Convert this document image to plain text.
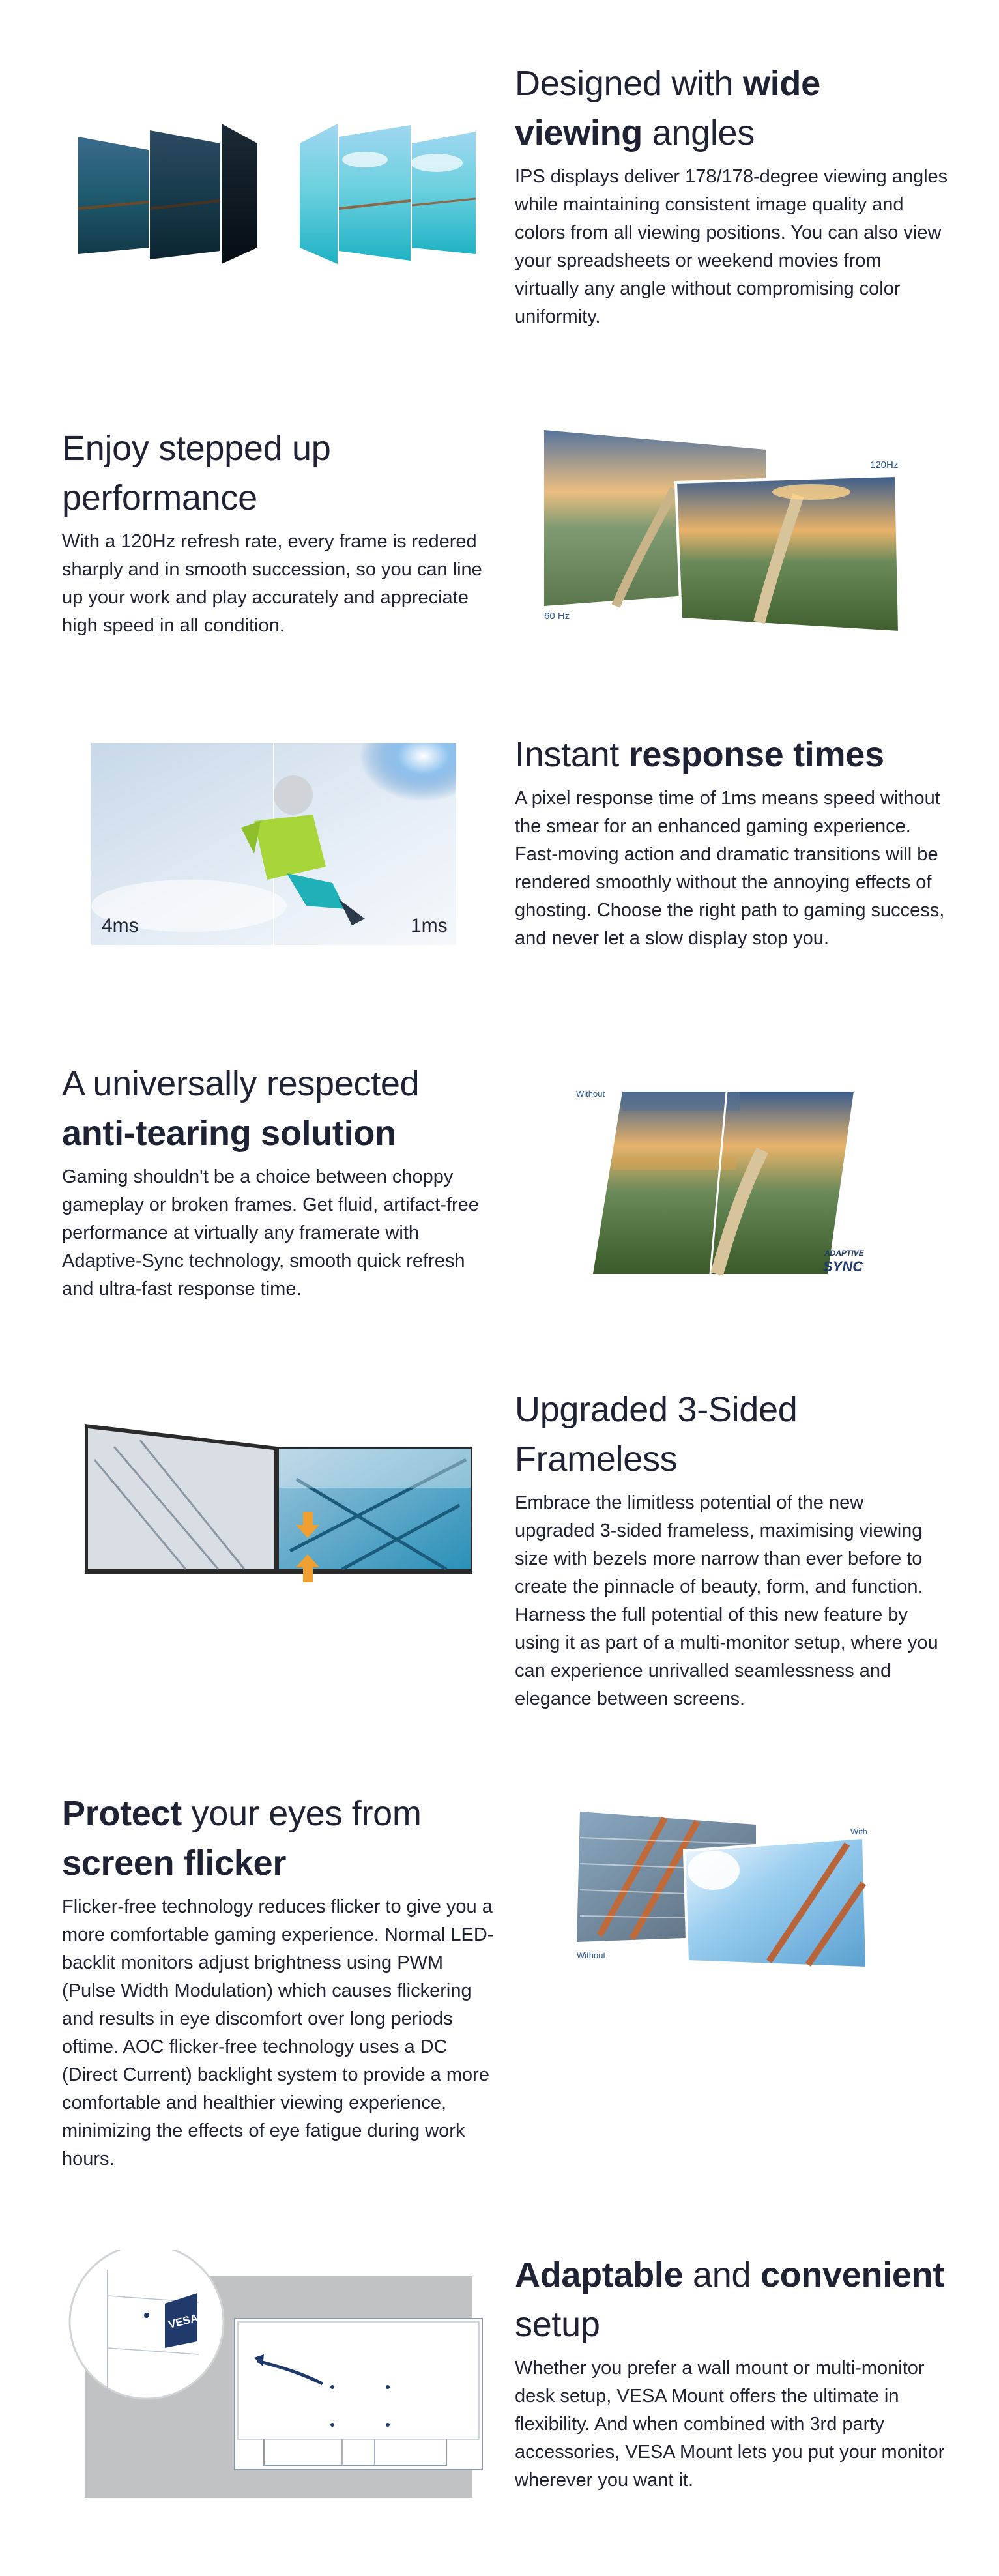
Designed with wide viewing angles

IPS displays deliver 178/178-degree viewing angles while maintaining consistent image quality and colors from all viewing positions. You can also view your spreadsheets or weekend movies from virtually any angle without compromising color uniformity.

Enjoy stepped up performance

With a 120Hz refresh rate, every frame is redered sharply and in smooth succession, so you can line up your work and play accurately and appreciate high speed in all condition.

120Hz
60 Hz
4ms	1ms
Instant response times

A pixel response time of 1ms means speed without the smear for an enhanced gaming experience. Fast-moving action and dramatic transitions will be rendered smoothly without the annoying effects of ghosting. Choose the right path to gaming success, and never let a slow display stop you.

A universally respected anti-tearing solution

Gaming shouldn't be a choice between choppy gameplay or broken frames. Get fluid, artifact-free performance at virtually any framerate with Adaptive-Sync technology, smooth quick refresh and ultra-fast response time.

Without
ADAPTIVE
SYNC
Upgraded 3-Sided Frameless

Embrace the limitless potential of the new upgraded 3-sided frameless, maximising viewing size with bezels more narrow than ever before to create the pinnacle of beauty, form, and function. Harness the full potential of this new feature by using it as part of a multi-monitor setup, where you can experience unrivalled seamlessness and elegance between screens.

Protect your eyes from screen flicker

Flicker-free technology reduces flicker to give you a more comfortable gaming experience. Normal LED-backlit monitors adjust brightness using PWM (Pulse Width Modulation) which causes flickering and results in eye discomfort over long periods oftime. AOC flicker-free technology uses a DC (Direct Current) backlight system to provide a more comfortable and healthier viewing experience, minimizing the effects of eye fatigue during work hours.

With
Without
VESA
Adaptable and convenient setup

Whether you prefer a wall mount or multi-monitor desk setup, VESA Mount offers the ultimate in flexibility. And when combined with 3rd party accessories, VESA Mount lets you put your monitor wherever you want it.
